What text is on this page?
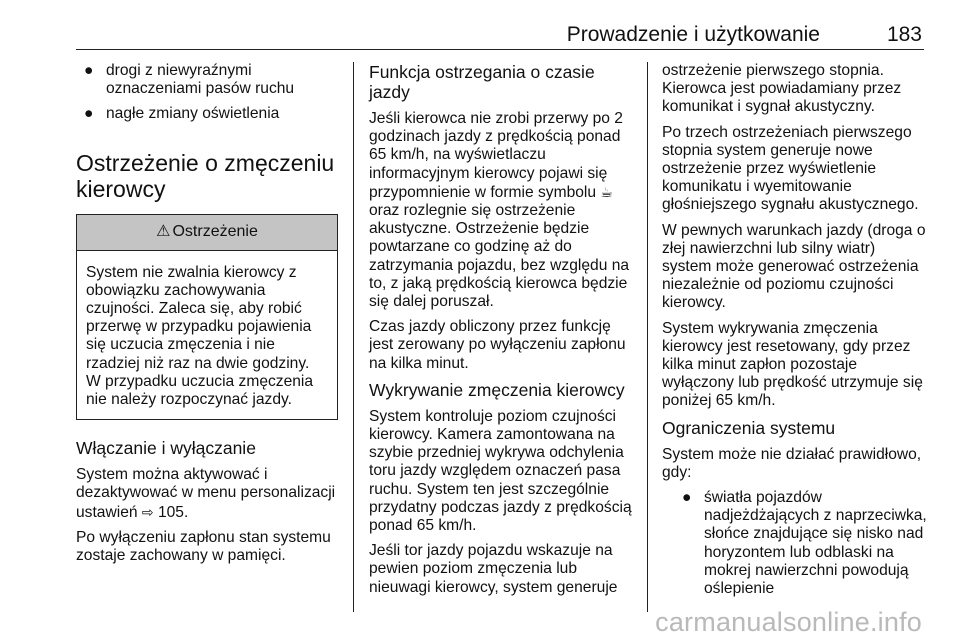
Prowadzenie i użytkowanie	183
● drogi z niewyraźnymi oznaczeniami pasów ruchu
● nagłe zmiany oświetlenia
Ostrzeżenie o zmęczeniu kierowcy
⚠ Ostrzeżenie
System nie zwalnia kierowcy z obowiązku zachowywania czujności. Zaleca się, aby robić przerwę w przypadku pojawienia się uczucia zmęczenia i nie rzadziej niż raz na dwie godziny. W przypadku uczucia zmęczenia nie należy rozpoczynać jazdy.
Włączanie i wyłączanie

System można aktywować i dezaktywować w menu personalizacji ustawień ⇨ 105.

Po wyłączeniu zapłonu stan systemu zostaje zachowany w pamięci.

Funkcja ostrzegania o czasie jazdy

Jeśli kierowca nie zrobi przerwy po 2 godzinach jazdy z prędkością ponad 65 km/h, na wyświetlaczu informacyjnym kierowcy pojawi się przypomnienie w formie symbolu ☕ oraz rozlegnie się ostrzeżenie akustyczne. Ostrzeżenie będzie powtarzane co godzinę aż do zatrzymania pojazdu, bez względu na to, z jaką prędkością kierowca będzie się dalej poruszał.

Czas jazdy obliczony przez funkcję jest zerowany po wyłączeniu zapłonu na kilka minut.

Wykrywanie zmęczenia kierowcy

System kontroluje poziom czujności kierowcy. Kamera zamontowana na szybie przedniej wykrywa odchylenia toru jazdy względem oznaczeń pasa ruchu. System ten jest szczególnie przydatny podczas jazdy z prędkością ponad 65 km/h.

Jeśli tor jazdy pojazdu wskazuje na pewien poziom zmęczenia lub nieuwagi kierowcy, system generuje

ostrzeżenie pierwszego stopnia. Kierowca jest powiadamiany przez komunikat i sygnał akustyczny.

Po trzech ostrzeżeniach pierwszego stopnia system generuje nowe ostrzeżenie przez wyświetlenie komunikatu i wyemitowanie głośniejszego sygnału akustycznego.

W pewnych warunkach jazdy (droga o złej nawierzchni lub silny wiatr) system może generować ostrzeżenia niezależnie od poziomu czujności kierowcy.

System wykrywania zmęczenia kierowcy jest resetowany, gdy przez kilka minut zapłon pozostaje wyłączony lub prędkość utrzymuje się poniżej 65 km/h.

Ograniczenia systemu

System może nie działać prawidłowo, gdy:

● światła pojazdów nadjeżdżających z naprzeciwka, słońce znajdujące się nisko nad horyzontem lub odblaski na mokrej nawierzchni powodują oślepienie
carmanualsonline.info
